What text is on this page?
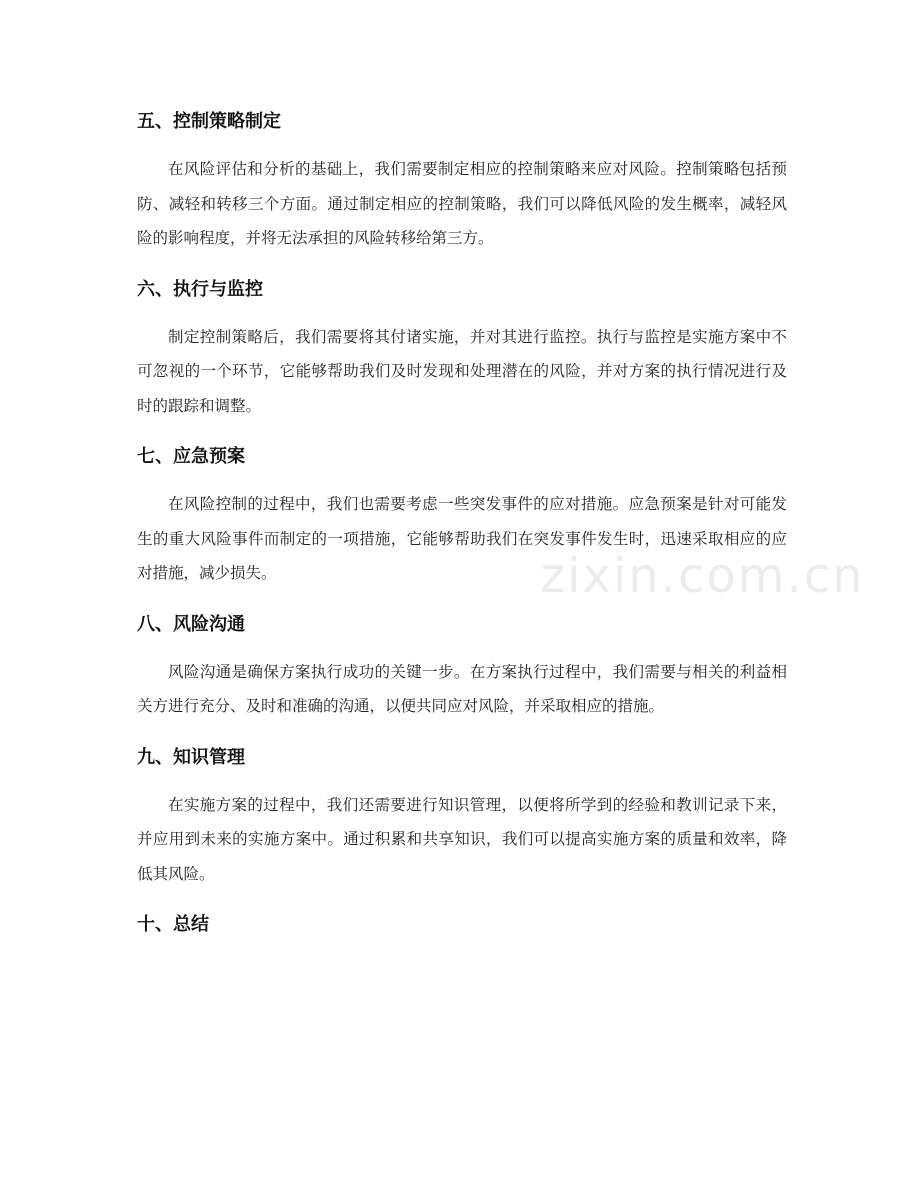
五、控制策略制定

在风险评估和分析的基础上，我们需要制定相应的控制策略来应对风险。控制策略包括预防、减轻和转移三个方面。通过制定相应的控制策略，我们可以降低风险的发生概率，减轻风险的影响程度，并将无法承担的风险转移给第三方。

六、执行与监控

制定控制策略后，我们需要将其付诸实施，并对其进行监控。执行与监控是实施方案中不可忽视的一个环节，它能够帮助我们及时发现和处理潜在的风险，并对方案的执行情况进行及时的跟踪和调整。

七、应急预案

在风险控制的过程中，我们也需要考虑一些突发事件的应对措施。应急预案是针对可能发生的重大风险事件而制定的一项措施，它能够帮助我们在突发事件发生时，迅速采取相应的应对措施，减少损失。

八、风险沟通

风险沟通是确保方案执行成功的关键一步。在方案执行过程中，我们需要与相关的利益相关方进行充分、及时和准确的沟通，以便共同应对风险，并采取相应的措施。

九、知识管理

在实施方案的过程中，我们还需要进行知识管理，以便将所学到的经验和教训记录下来，并应用到未来的实施方案中。通过积累和共享知识，我们可以提高实施方案的质量和效率，降低其风险。

十、总结
zixin.com.cn
